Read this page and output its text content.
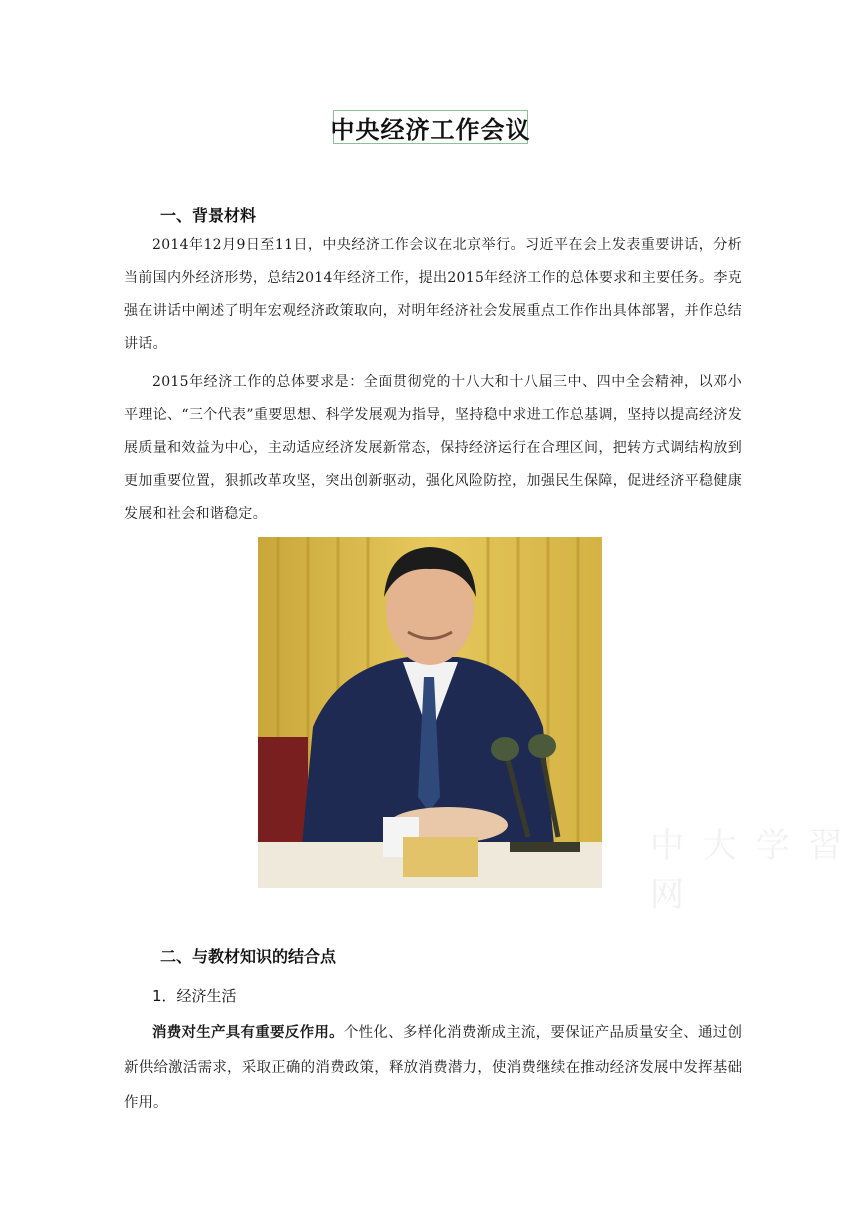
中央经济工作会议
一、背景材料

2014年12月9日至11日，中央经济工作会议在北京举行。习近平在会上发表重要讲话，分析当前国内外经济形势，总结2014年经济工作，提出2015年经济工作的总体要求和主要任务。李克强在讲话中阐述了明年宏观经济政策取向，对明年经济社会发展重点工作作出具体部署，并作总结讲话。

2015年经济工作的总体要求是：全面贯彻党的十八大和十八届三中、四中全会精神，以邓小平理论、“三个代表”重要思想、科学发展观为指导，坚持稳中求进工作总基调，坚持以提高经济发展质量和效益为中心，主动适应经济发展新常态，保持经济运行在合理区间，把转方式调结构放到更加重要位置，狠抓改革攻坚，突出创新驱动，强化风险防控，加强民生保障，促进经济平稳健康发展和社会和谐稳定。

中 大 学 習 网
二、与教材知识的结合点

1．经济生活

消费对生产具有重要反作用。个性化、多样化消费渐成主流，要保证产品质量安全、通过创新供给激活需求，采取正确的消费政策，释放消费潜力，使消费继续在推动经济发展中发挥基础作用。
